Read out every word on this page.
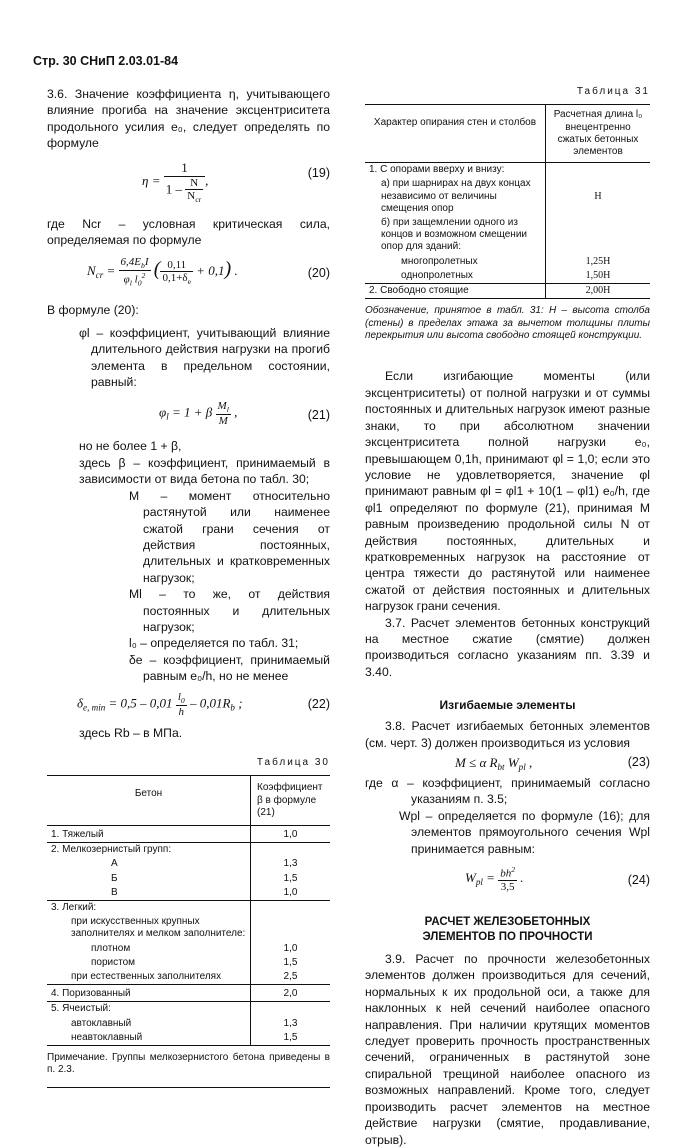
Стр. 30 СНиП 2.03.01-84

3.6. Значение коэффициента η, учитывающего влияние прогиба на значение эксцентриситета продольного усилия e₀, следует определять по формуле

$\eta = \frac{1}{1 - \frac{N}{N_{cr}}}$ ,	(19)

где Ncr – условная критическая сила, определяемая по формуле

$N_{cr} = \frac{6,4E_bI}{\varphi_l l_0^2}$ ( $\frac{0,11}{0,1+\delta_e} + 0,1$) .	(20)

В формуле (20):

φl – коэффициент, учитывающий влияние длительного действия нагрузки на прогиб элемента в предельном состоянии, равный:

$\varphi_l = 1 + \beta \frac{M_l}{M}$ ,	(21)

но не более 1 + β,

здесь β – коэффициент, принимаемый в зависимости от вида бетона по табл. 30;

M – момент относительно растянутой или наименее сжатой грани сечения от действия постоянных, длительных и кратковременных нагрузок;

Ml – то же, от действия постоянных и длительных нагрузок;

l₀ – определяется по табл. 31;

δe – коэффициент, принимаемый равным e₀/h, но не менее

$\delta_{e, min} = 0,5 - 0,01 \frac{l_0}{h} - 0,01R_b$ ;	(22)

здесь Rb – в МПа.

Таблица 30
Бетон	Коэффициент β в формуле (21)
1. Тяжелый	1,0
2. Мелкозернистый групп:	
А	1,3
Б	1,5
В	1,0
3. Легкий:	
при искусственных крупных заполнителях и мелком заполнителе:	
плотном	1,0
пористом	1,5
при естественных заполнителях	2,5
4. Поризованный	2,0
5. Ячеистый:	
автоклавный	1,3
неавтоклавный	1,5

Примечание. Группы мелкозернистого бетона приведены в п. 2.3.

Таблица 31
Характер опирания стен и столбов	Расчетная длина l₀ внецентренно сжатых бетонных элементов
1. С опорами вверху и внизу:	
а) при шарнирах на двух концах независимо от величины смещения опор	H
б) при защемлении одного из концов и возможном смещении опор для зданий:	
многопролетных	1,25H
однопролетных	1,50H
2. Свободно стоящие	2,00H

Обозначение, принятое в табл. 31: H – высота столба (стены) в пределах этажа за вычетом толщины плиты перекрытия или высота свободно стоящей конструкции.

Если изгибающие моменты (или эксцентриситеты) от полной нагрузки и от суммы постоянных и длительных нагрузок имеют разные знаки, то при абсолютном значении эксцентриситета полной нагрузки e₀, превышающем 0,1h, принимают φl = 1,0; если это условие не удовлетворяется, значение φl принимают равным φl = φl1 + 10(1 – φl1) e₀/h, где φl1 определяют по формуле (21), принимая M равным произведению продольной силы N от действия постоянных, длительных и кратковременных нагрузок на расстояние от центра тяжести до растянутой или наименее сжатой от действия постоянных и длительных нагрузок грани сечения.

3.7. Расчет элементов бетонных конструкций на местное сжатие (смятие) должен производиться согласно указаниям пп. 3.39 и 3.40.

Изгибаемые элементы

3.8. Расчет изгибаемых бетонных элементов (см. черт. 3) должен производиться из условия

M ≤ α $R_{bt}$ $W_{pl}$ ,	(23)

где α – коэффициент, принимаемый согласно указаниям п. 3.5;

Wpl – определяется по формуле (16); для элементов прямоугольного сечения Wpl принимается равным:

$W_{pl} = \frac{bh^2}{3,5}$ .	(24)
РАСЧЕТ ЖЕЛЕЗОБЕТОННЫХ ЭЛЕМЕНТОВ ПО ПРОЧНОСТИ

3.9. Расчет по прочности железобетонных элементов должен производиться для сечений, нормальных к их продольной оси, а также для наклонных к ней сечений наиболее опасного направления. При наличии крутящих моментов следует проверить прочность пространственных сечений, ограниченных в растянутой зоне спиральной трещиной наиболее опасного из возможных направлений. Кроме того, следует производить расчет элементов на местное действие нагрузки (смятие, продавливание, отрыв).
